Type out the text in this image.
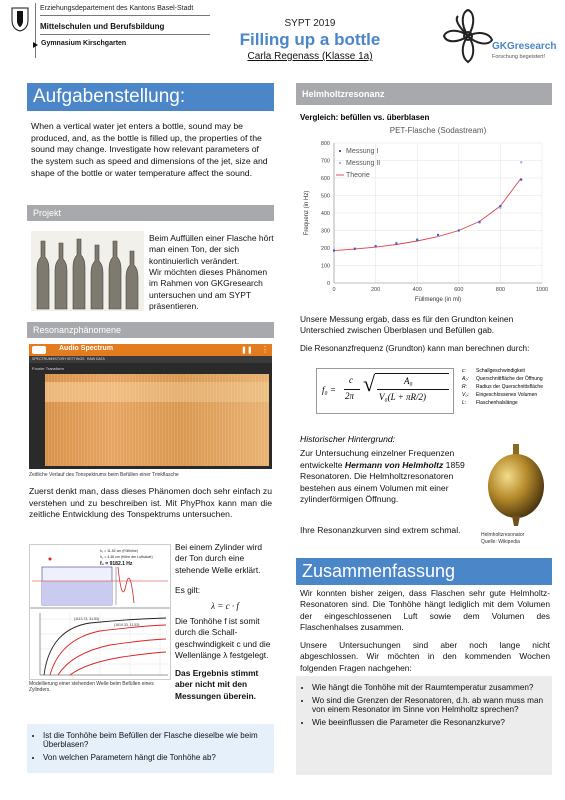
Erziehungsdepartement des Kantons Basel-Stadt
Mittelschulen und Berufsbildung
Gymnasium Kirschgarten
SYPT 2019
Filling up a bottle
Carla Regenass (Klasse 1a)
GKGresearch
Forschung begeistert!
Aufgabenstellung:
When a vertical water jet enters a bottle, sound may be produced, and, as the bottle is filled up, the properties of the sound may change. Investigate how relevant parameters of the system such as speed and dimensions of the jet, size and shape of the bottle or water temperature affect the sound.
Projekt
Beim Auffüllen einer Flasche hört man einen Ton, der sich kontinuierlich verändert.
Wir möchten dieses Phänomen im Rahmen von GKGresearch untersuchen und am SYPT präsentieren.
Resonanzphänomene
Audio Spectrum	❚❚ ⋮
SPECTRUM HISTORY SETTINGS RAW DATA
Fourier Transform
Zeitliche Verlauf des Tonspektrums beim Befüllen einer Trinkflasche
Zuerst denkt man, dass dieses Phänomen doch sehr einfach zu verstehen und zu beschreiben ist. Mit PhyPhox kann man die zeitliche Entwicklung des Tonspektrums untersuchen.
h₁ = 11.52 cm (Füllhöhe)
h₂ = 4.48 cm (Höhe der Luftsäule)
f₀ = 9182.1 Hz
(1113.73, 31.53)
(1619.33, 11.53)
Modellierung einer stehenden Welle beim Befüllen eines Zylinders.
Bei einem Zylinder wird der Ton durch eine stehende Welle erklärt.
Es gilt:
λ = c · f
Die Tonhöhe f ist somit durch die Schall-geschwindigkeit c und die Wellenlänge λ festgelegt.
Das Ergebnis stimmt aber nicht mit den Messungen überein.
• Ist die Tonhöhe beim Befüllen der Flasche dieselbe wie beim Überblasen?
• Von welchen Parametern hängt die Tonhöhe ab?
Helmholtzresonanz
Vergleich: befüllen vs. überblasen
PET-Flasche (Sodastream)
0
100
200
300
400
500
600
700
800
0	200	400	600	800	1000
Füllmenge (in ml)
Frequenz (in Hz)
Messung I
Messung II
Theorie
Unsere Messung ergab, dass es für den Grundton keinen Unterschied zwischen Überblasen und Befüllen gab.
Die Resonanzfrequenz (Grundton) kann man berechnen durch:
f₀ =
c
2π √	A₀
V₀(L + πR/2)
c: Schallgeschwindigkeit
A₀: Querschnittfläche der Öffnung
R: Radius der Querschnittsfläche
V₀: Eingeschlossenes Volumen
L: Flaschenhalslänge
Historischer Hintergrund:
Zur Untersuchung einzelner Frequenzen entwickelte Hermann von Helmholtz 1859 Resonatoren. Die Helmholtzresonatoren bestehen aus einem Volumen mit einer zylinderförmigen Öffnung.
Ihre Resonanzkurven sind extrem schmal.	Helmholtzresonator
Quelle: Wikipedia
Zusammenfassung
Wir konnten bisher zeigen, dass Flaschen sehr gute Helmholtz-Resonatoren sind. Die Tonhöhe hängt lediglich mit dem Volumen der eingeschlossenen Luft sowie dem Volumen des Flaschenhalses zusammen.
Unsere Untersuchungen sind aber noch lange nicht abgeschlossen. Wir möchten in den kommenden Wochen folgenden Fragen nachgehen:
• Wie hängt die Tonhöhe mit der Raumtemperatur zusammen?
• Wo sind die Grenzen der Resonatoren, d.h. ab wann muss man von einem Resonator im Sinne von Helmholtz sprechen?
• Wie beeinflussen die Parameter die Resonanzkurve?
